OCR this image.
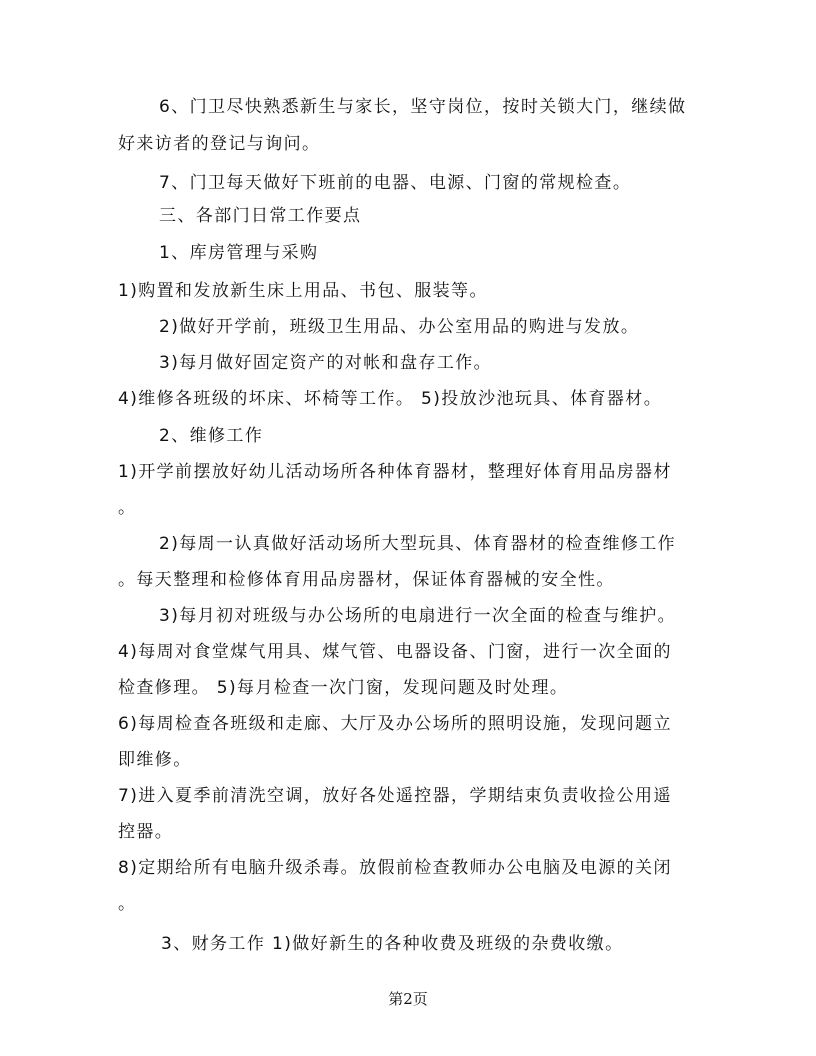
6、门卫尽快熟悉新生与家长，坚守岗位，按时关锁大门，继续做
好来访者的登记与询问。
7、门卫每天做好下班前的电器、电源、门窗的常规检查。
三、各部门日常工作要点
1、库房管理与采购
1)购置和发放新生床上用品、书包、服装等。
2)做好开学前，班级卫生用品、办公室用品的购进与发放。
3)每月做好固定资产的对帐和盘存工作。
4)维修各班级的坏床、坏椅等工作。 5)投放沙池玩具、体育器材。
2、维修工作
1)开学前摆放好幼儿活动场所各种体育器材，整理好体育用品房器材
。
2)每周一认真做好活动场所大型玩具、体育器材的检查维修工作
。每天整理和检修体育用品房器材，保证体育器械的安全性。
3)每月初对班级与办公场所的电扇进行一次全面的检查与维护。
4)每周对食堂煤气用具、煤气管、电器设备、门窗，进行一次全面的
检查修理。 5)每月检查一次门窗，发现问题及时处理。
6)每周检查各班级和走廊、大厅及办公场所的照明设施，发现问题立
即维修。
7)进入夏季前清洗空调，放好各处遥控器，学期结束负责收捡公用遥
控器。
8)定期给所有电脑升级杀毒。放假前检查教师办公电脑及电源的关闭
。
3、财务工作 1)做好新生的各种收费及班级的杂费收缴。
第2页
